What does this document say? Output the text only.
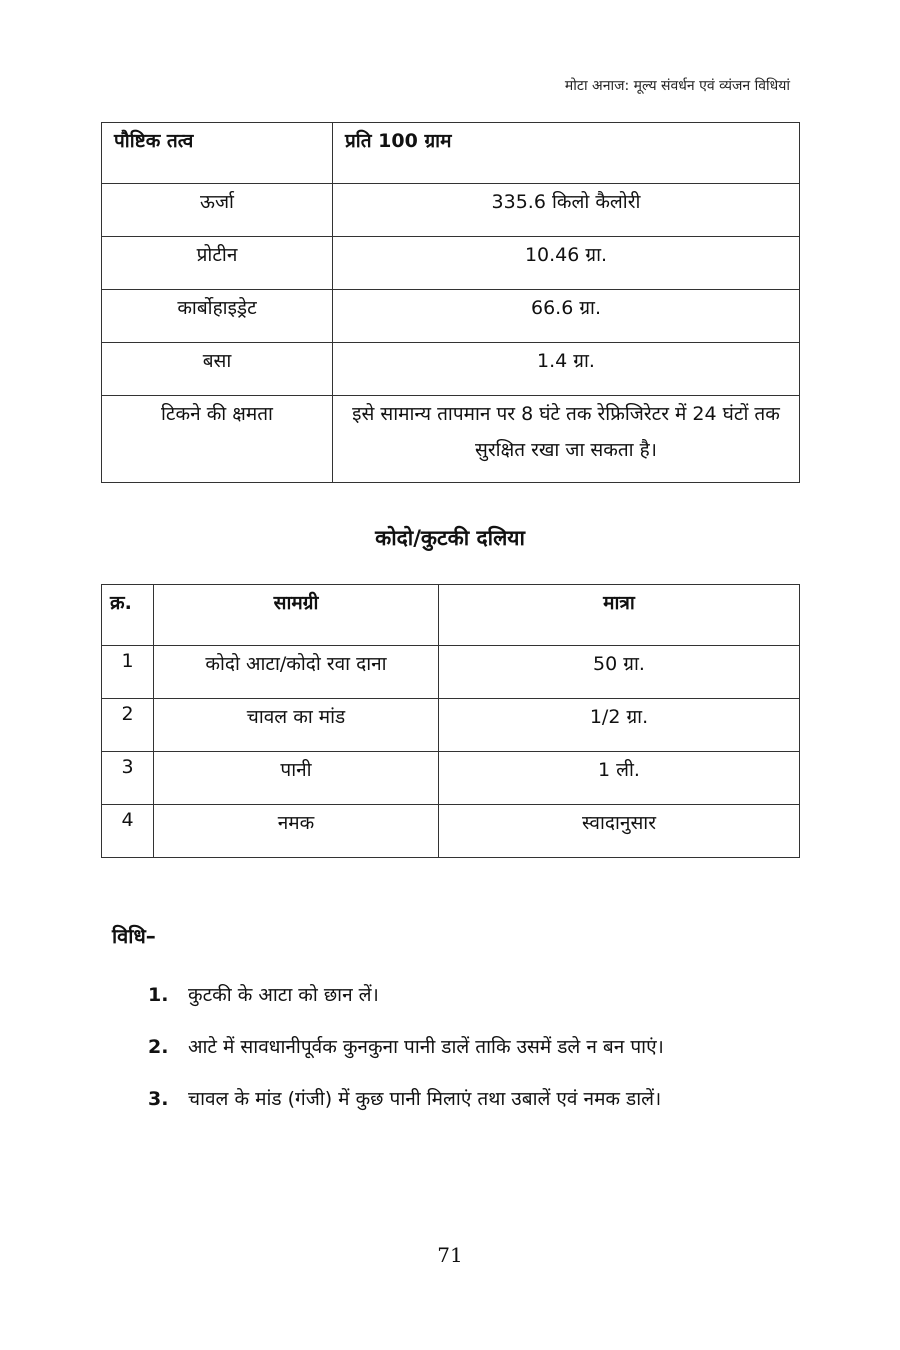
मोटा अनाज: मूल्य संवर्धन एवं व्यंजन विधियां
पौष्टिक तत्व	प्रति 100 ग्राम
ऊर्जा	335.6 किलो कैलोरी
प्रोटीन	10.46 ग्रा.
कार्बोहाइड्रेट	66.6 ग्रा.
बसा	1.4 ग्रा.
टिकने की क्षमता	इसे सामान्य तापमान पर 8 घंटे तक रेफ्रिजिरेटर में 24 घंटों तक सुरक्षित रखा जा सकता है।
कोदो/कुटकी दलिया
क्र.	सामग्री	मात्रा
1	कोदो आटा/कोदो रवा दाना	50 ग्रा.
2	चावल का मांड	1/2 ग्रा.
3	पानी	1 ली.
4	नमक	स्वादानुसार
विधि–
1.	कुटकी के आटा को छान लें।
2.	आटे में सावधानीपूर्वक कुनकुना पानी डालें ताकि उसमें डले न बन पाएं।
3.	चावल के मांड (गंजी) में कुछ पानी मिलाएं तथा उबालें एवं नमक डालें।
71
